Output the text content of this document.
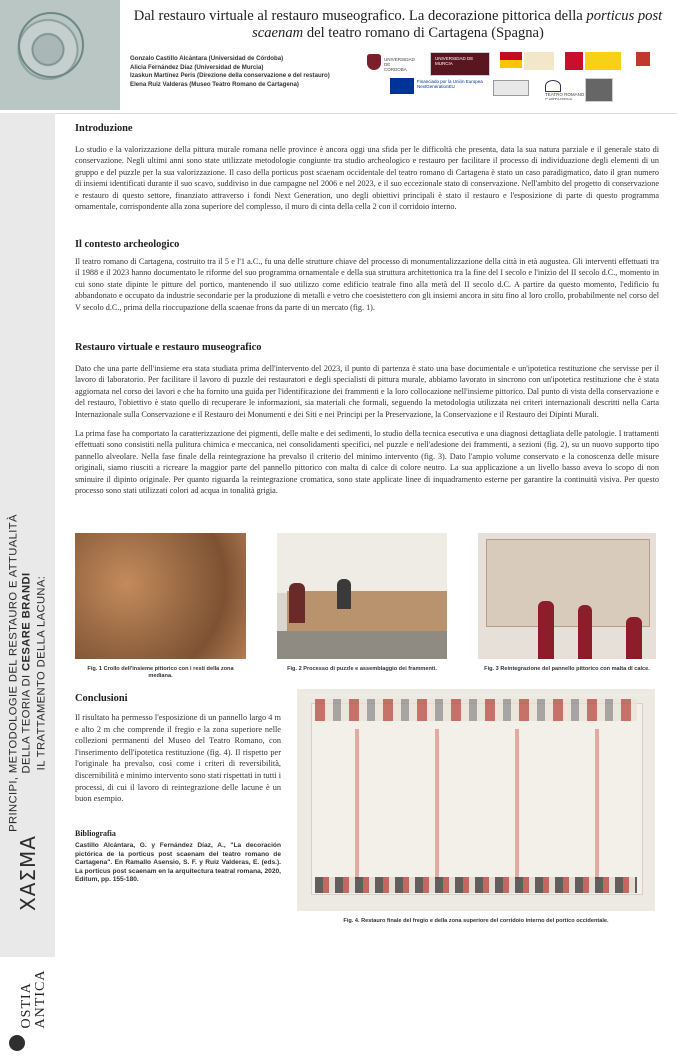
Dal restauro virtuale al restauro museografico. La decorazione pittorica della porticus post scaenam del teatro romano di Cartagena (Spagna)
Gonzalo Castillo Alcántara (Universidad de Córdoba)
Alicia Fernández Díaz (Universidad de Murcia)
Izaskun Martínez Peris (Direzione della conservazione e del restauro)
Elena Ruiz Valderas (Museo Teatro Romano de Cartagena)
UNIVERSIDAD DE CÓRDOBA
UNIVERSIDAD DE MURCIA
Financiado por la Unión Europea NextGenerationEU
TEATRO ROMANO CARTAGENA
PRINCIPI, METODOLOGIE DEL RESTAURO E ATTUALITÀ DELLA TEORIA DI CESARE BRANDI IL TRATTAMENTO DELLA LACUNA:
ΧΑΣΜΑ
OSTIA ANTICA
Introduzione

Lo studio e la valorizzazione della pittura murale romana nelle province è ancora oggi una sfida per le difficoltà che presenta, data la sua natura parziale e il generale stato di conservazione. Negli ultimi anni sono state utilizzate metodologie congiunte tra studio archeologico e restauro per facilitare il processo di individuazione degli elementi di un gruppo e del puzzle per la sua valorizzazione. Il caso della porticus post scaenam occidentale del teatro romano di Cartagena è stato un caso paradigmatico, dato il gran numero di insiemi identificati durante il suo scavo, suddiviso in due campagne nel 2006 e nel 2023, e il suo eccezionale stato di conservazione. Nell'ambito del progetto di conservazione e restauro di questo settore, finanziato attraverso i fondi Next Generation, uno degli obiettivi principali è stato il restauro e l'esposizione di parte di questo programma ornamentale, corrispondente alla zona superiore del complesso, il muro di cinta della cella 2 con il corridoio interno.

Il contesto archeologico

Il teatro romano di Cartagena, costruito tra il 5 e l'1 a.C., fu una delle strutture chiave del processo di monumentalizzazione della città in età augustea. Gli interventi effettuati tra il 1988 e il 2023 hanno documentato le riforme del suo programma ornamentale e della sua struttura architettonica tra la fine del I secolo e l'inizio del II secolo d.C., momento in cui sono state dipinte le pitture del portico, mantenendo il suo utilizzo come edificio teatrale fino alla metà del II secolo d.C. A partire da questo momento, l'edificio fu abbandonato e occupato da industrie secondarie per la produzione di metalli e vetro che coesistettero con gli insiemi ancora in situ fino al loro crollo, probabilmente nel corso del V secolo d.C., prima della rioccupazione della scaenae frons da parte di un mercato (fig. 1).

Restauro virtuale e restauro museografico

Dato che una parte dell'insieme era stata studiata prima dell'intervento del 2023, il punto di partenza è stato una base documentale e un'ipotetica restituzione che servisse per il lavoro di laboratorio. Per facilitare il lavoro di puzzle dei restauratori e degli specialisti di pittura murale, abbiamo lavorato in sincrono con un'ipotetica restituzione che è stata aggiornata nel corso dei lavori e che ha fornito una guida per l'identificazione dei frammenti e la loro collocazione nell'insieme pittorico. Dal punto di vista della conservazione e del restauro, l'obiettivo è stato quello di recuperare le informazioni, sia materiali che formali, seguendo la metodologia utilizzata nei criteri internazionali descritti nella Carta Internazionale sulla Conservazione e il Restauro dei Monumenti e dei Siti e nei Principi per la Preservazione, la Conservazione e il Restauro dei Dipinti Murali.

La prima fase ha comportato la caratterizzazione dei pigmenti, delle malte e dei sedimenti, lo studio della tecnica esecutiva e una diagnosi dettagliata delle patologie. I trattamenti effettuati sono consistiti nella pulitura chimica e meccanica, nei consolidamenti specifici, nel puzzle e nell'adesione dei frammenti, a sezioni (fig. 2), su un nuovo supporto tipo pannello alveolare. Nella fase finale della reintegrazione ha prevalso il criterio del minimo intervento (fig. 3). Dato l'ampio volume conservato e la conoscenza delle misure originali, siamo riusciti a ricreare la maggior parte del pannello pittorico con malta di calce di colore neutro. La sua applicazione a un livello basso aveva lo scopo di non sminuire il dipinto originale. Per quanto riguarda la reintegrazione cromatica, sono state applicate linee di inquadramento esterne per garantire la continuità visiva. Per questo processo sono stati utilizzati colori ad acqua in tonalità grigia.

Fig. 1 Crollo dell'insieme pittorico con i resti della zona mediana.
Fig. 2 Processo di puzzle e assemblaggio dei frammenti.	Fig. 3 Reintegrazione del pannello pittorico con malta di calce.
Conclusioni

Il risultato ha permesso l'esposizione di un pannello largo 4 m e alto 2 m che comprende il fregio e la zona superiore nelle collezioni permanenti del Museo del Teatro Romano, con l'inserimento dell'ipotetica restituzione (fig. 4). Il rispetto per l'originale ha prevalso, così come i criteri di reversibilità, discernibilità e minimo intervento sono stati rispettati in tutti i processi, di cui il lavoro di reintegrazione delle lacune è un buon esempio.

Bibliografia
Castillo Alcántara, G. y Fernández Díaz, A., "La decoración pictórica de la porticus post scaenam del teatro romano de Cartagena". En Ramallo Asensio, S. F. y Ruiz Valderas, E. (eds.). La porticus post scaenam en la arquitectura teatral romana, 2020, Editum, pp. 155-180.
Fig. 4. Restauro finale del fregio e della zona superiore del corridoio interno del portico occidentale.
